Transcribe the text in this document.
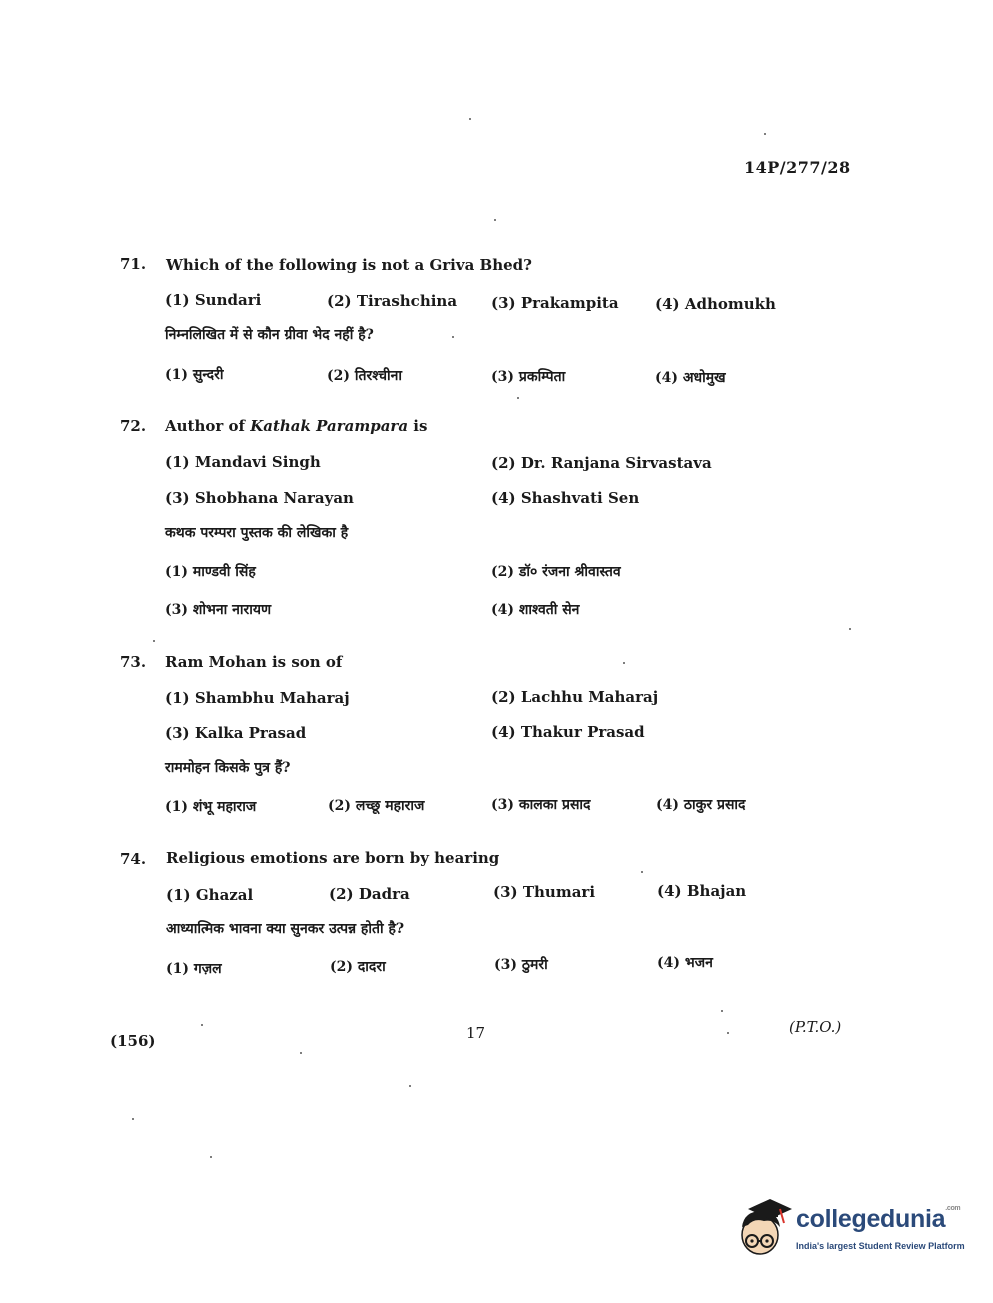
14P/277/28
71. Which of the following is not a Griva Bhed?
(1) Sundari	(2) Tirashchina (3) Prakampita (4) Adhomukh
निम्नलिखित में से कौन ग्रीवा भेद नहीं है?
(1) सुन्दरी	(2) तिरश्चीना	(3) प्रकम्पिता	(4) अधोमुख
72. Author of Kathak Parampara is
(1) Mandavi Singh	(2) Dr. Ranjana Sirvastava
(3) Shobhana Narayan	(4) Shashvati Sen
कथक परम्परा पुस्तक की लेखिका है
(1) माण्डवी सिंह	(2) डॉ० रंजना श्रीवास्तव
(3) शोभना नारायण	(4) शाश्वती सेन
73. Ram Mohan is son of
(1) Shambhu Maharaj	(2) Lachhu Maharaj
(3) Kalka Prasad	(4) Thakur Prasad
राममोहन किसके पुत्र हैं?
(1) शंभू महाराज	(2) लच्छू महाराज	(3) कालका प्रसाद	(4) ठाकुर प्रसाद
74. Religious emotions are born by hearing
(1) Ghazal	(2) Dadra	(3) Thumari	(4) Bhajan
आध्यात्मिक भावना क्या सुनकर उत्पन्न होती है?
(1) गज़ल	(2) दादरा	(3) ठुमरी	(4) भजन
(156)	17	(P.T.O.)
collegedunia$^{.com}$
India's largest Student Review Platform
